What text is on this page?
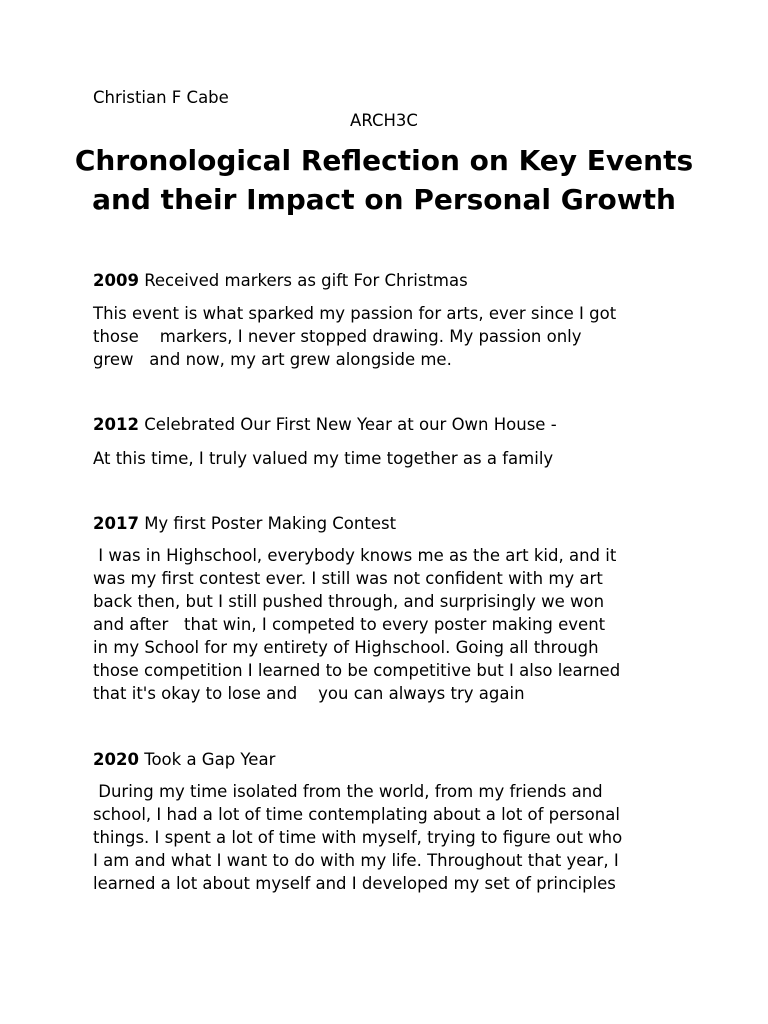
Christian F Cabe

ARCH3C

Chronological Reflection on Key Events and their Impact on Personal Growth

2009 Received markers as gift For Christmas

This event is what sparked my passion for arts, ever since I got

those    markers, I never stopped drawing. My passion only

grew   and now, my art grew alongside me.

2012 Celebrated Our First New Year at our Own House -

At this time, I truly valued my time together as a family

2017 My first Poster Making Contest

I was in Highschool, everybody knows me as the art kid, and it

was my first contest ever. I still was not confident with my art

back then, but I still pushed through, and surprisingly we won

and after   that win, I competed to every poster making event

in my School for my entirety of Highschool. Going all through

those competition I learned to be competitive but I also learned

that it's okay to lose and    you can always try again

2020 Took a Gap Year

During my time isolated from the world, from my friends and

school, I had a lot of time contemplating about a lot of personal

things. I spent a lot of time with myself, trying to figure out who

I am and what I want to do with my life. Throughout that year, I

learned a lot about myself and I developed my set of principles
